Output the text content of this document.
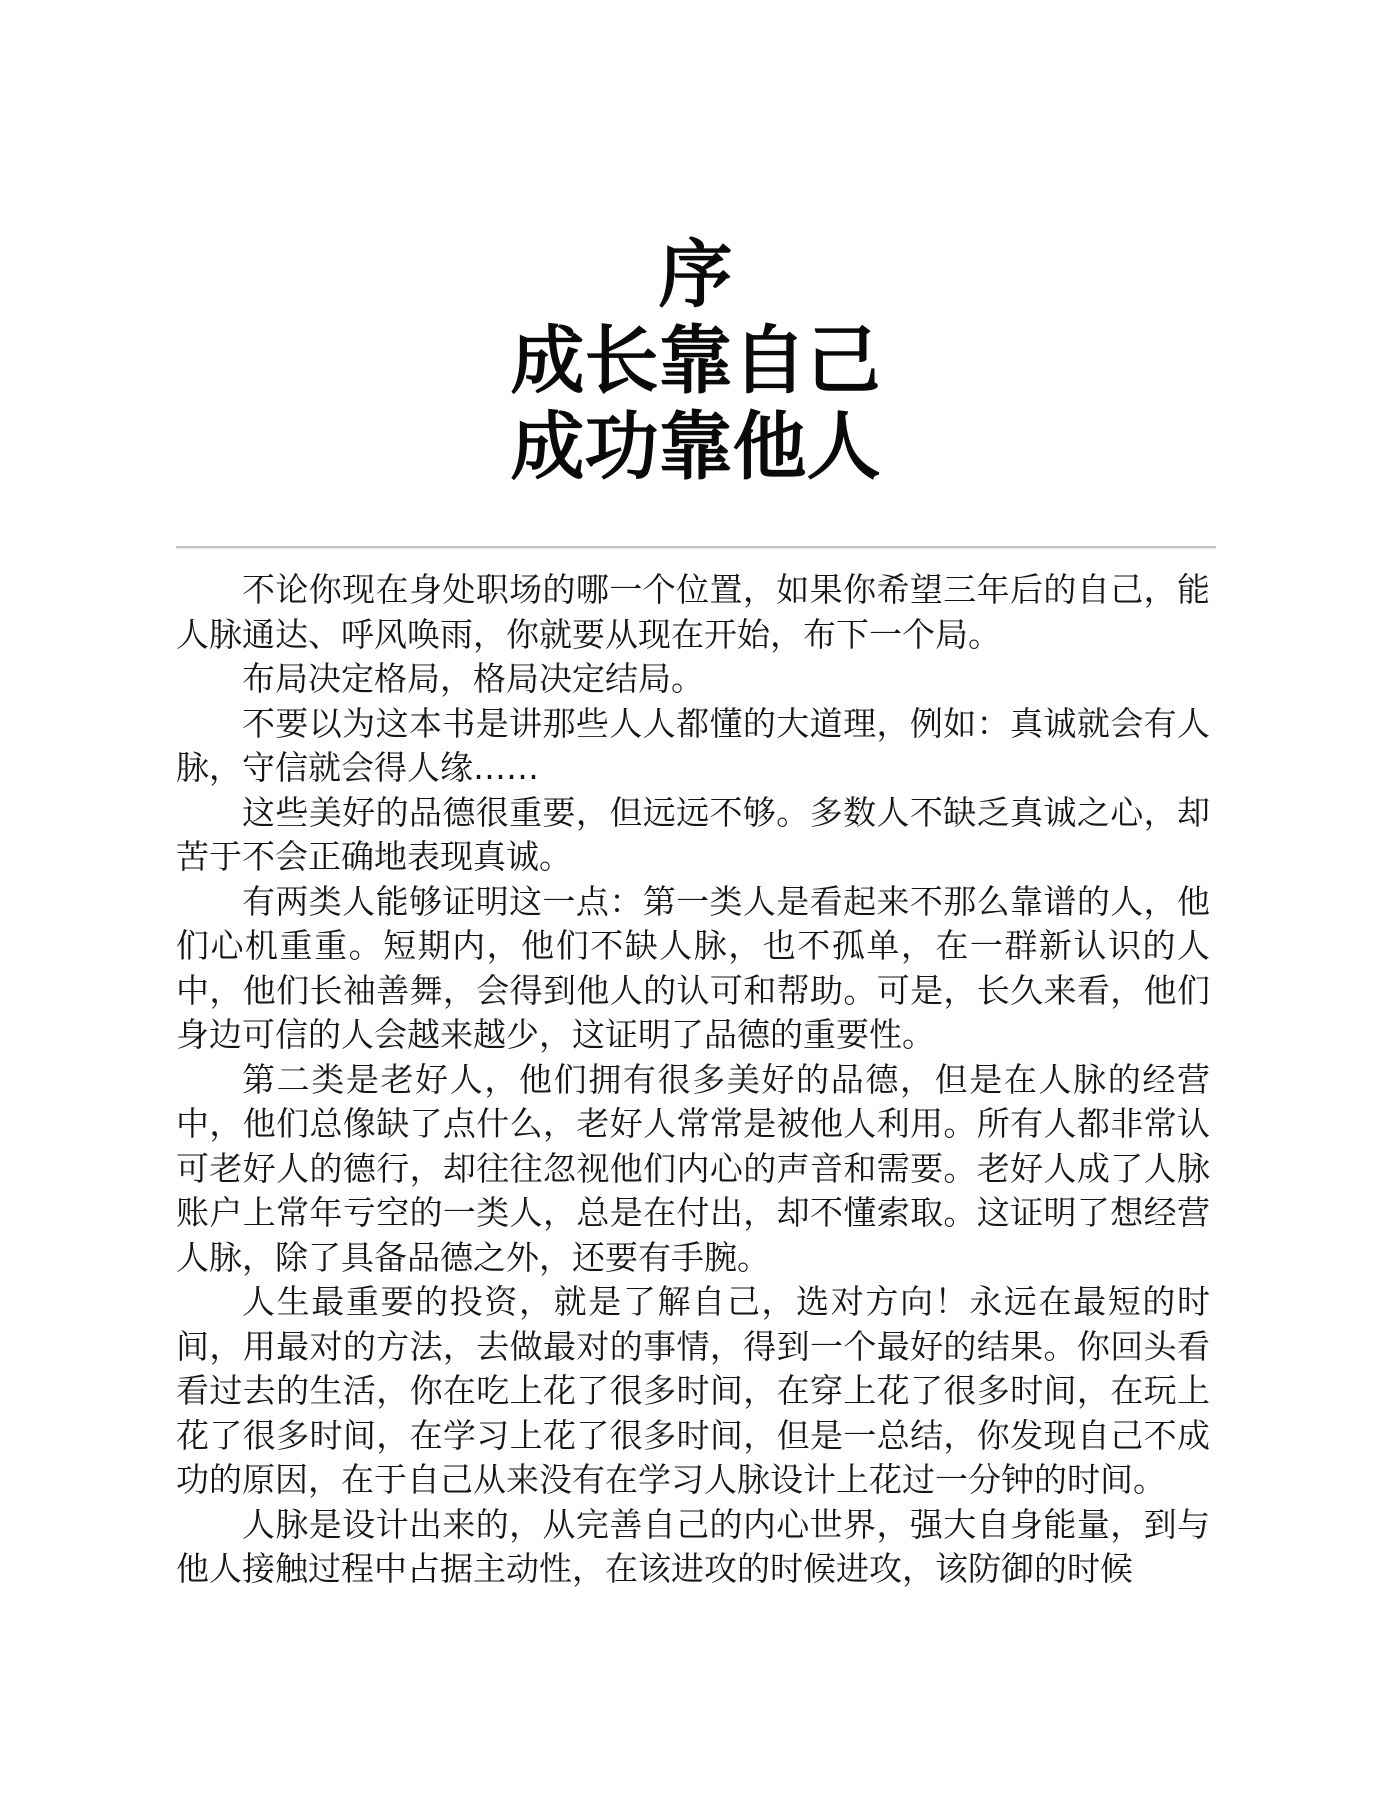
序
成长靠自己
成功靠他人

不论你现在身处职场的哪一个位置，如果你希望三年后的自己，能人脉通达、呼风唤雨，你就要从现在开始，布下一个局。

布局决定格局，格局决定结局。

不要以为这本书是讲那些人人都懂的大道理，例如：真诚就会有人脉，守信就会得人缘……

这些美好的品德很重要，但远远不够。多数人不缺乏真诚之心，却苦于不会正确地表现真诚。

有两类人能够证明这一点：第一类人是看起来不那么靠谱的人，他们心机重重。短期内，他们不缺人脉，也不孤单，在一群新认识的人中，他们长袖善舞，会得到他人的认可和帮助。可是，长久来看，他们身边可信的人会越来越少，这证明了品德的重要性。

第二类是老好人，他们拥有很多美好的品德，但是在人脉的经营中，他们总像缺了点什么，老好人常常是被他人利用。所有人都非常认可老好人的德行，却往往忽视他们内心的声音和需要。老好人成了人脉账户上常年亏空的一类人，总是在付出，却不懂索取。这证明了想经营人脉，除了具备品德之外，还要有手腕。

人生最重要的投资，就是了解自己，选对方向！永远在最短的时间，用最对的方法，去做最对的事情，得到一个最好的结果。你回头看看过去的生活，你在吃上花了很多时间，在穿上花了很多时间，在玩上花了很多时间，在学习上花了很多时间，但是一总结，你发现自己不成功的原因，在于自己从来没有在学习人脉设计上花过一分钟的时间。

人脉是设计出来的，从完善自己的内心世界，强大自身能量，到与他人接触过程中占据主动性，在该进攻的时候进攻，该防御的时候
